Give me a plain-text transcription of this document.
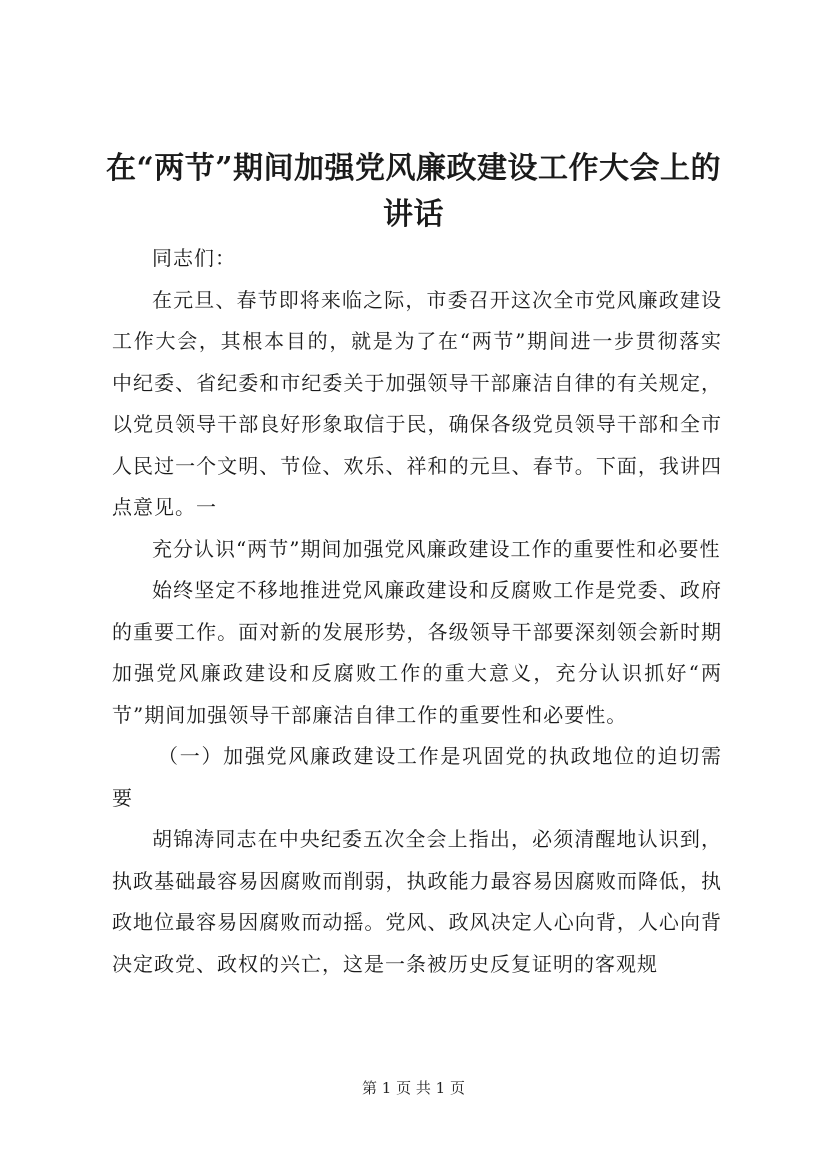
在“两节”期间加强党风廉政建设工作大会上的讲话

同志们：

在元旦、春节即将来临之际，市委召开这次全市党风廉政建设工作大会，其根本目的，就是为了在“两节”期间进一步贯彻落实中纪委、省纪委和市纪委关于加强领导干部廉洁自律的有关规定，以党员领导干部良好形象取信于民，确保各级党员领导干部和全市人民过一个文明、节俭、欢乐、祥和的元旦、春节。下面，我讲四点意见。一

充分认识“两节”期间加强党风廉政建设工作的重要性和必要性

始终坚定不移地推进党风廉政建设和反腐败工作是党委、政府的重要工作。面对新的发展形势，各级领导干部要深刻领会新时期加强党风廉政建设和反腐败工作的重大意义，充分认识抓好“两节”期间加强领导干部廉洁自律工作的重要性和必要性。

（一）加强党风廉政建设工作是巩固党的执政地位的迫切需要

胡锦涛同志在中央纪委五次全会上指出，必须清醒地认识到，执政基础最容易因腐败而削弱，执政能力最容易因腐败而降低，执政地位最容易因腐败而动摇。党风、政风决定人心向背，人心向背决定政党、政权的兴亡，这是一条被历史反复证明的客观规

第 1 页 共 1 页
